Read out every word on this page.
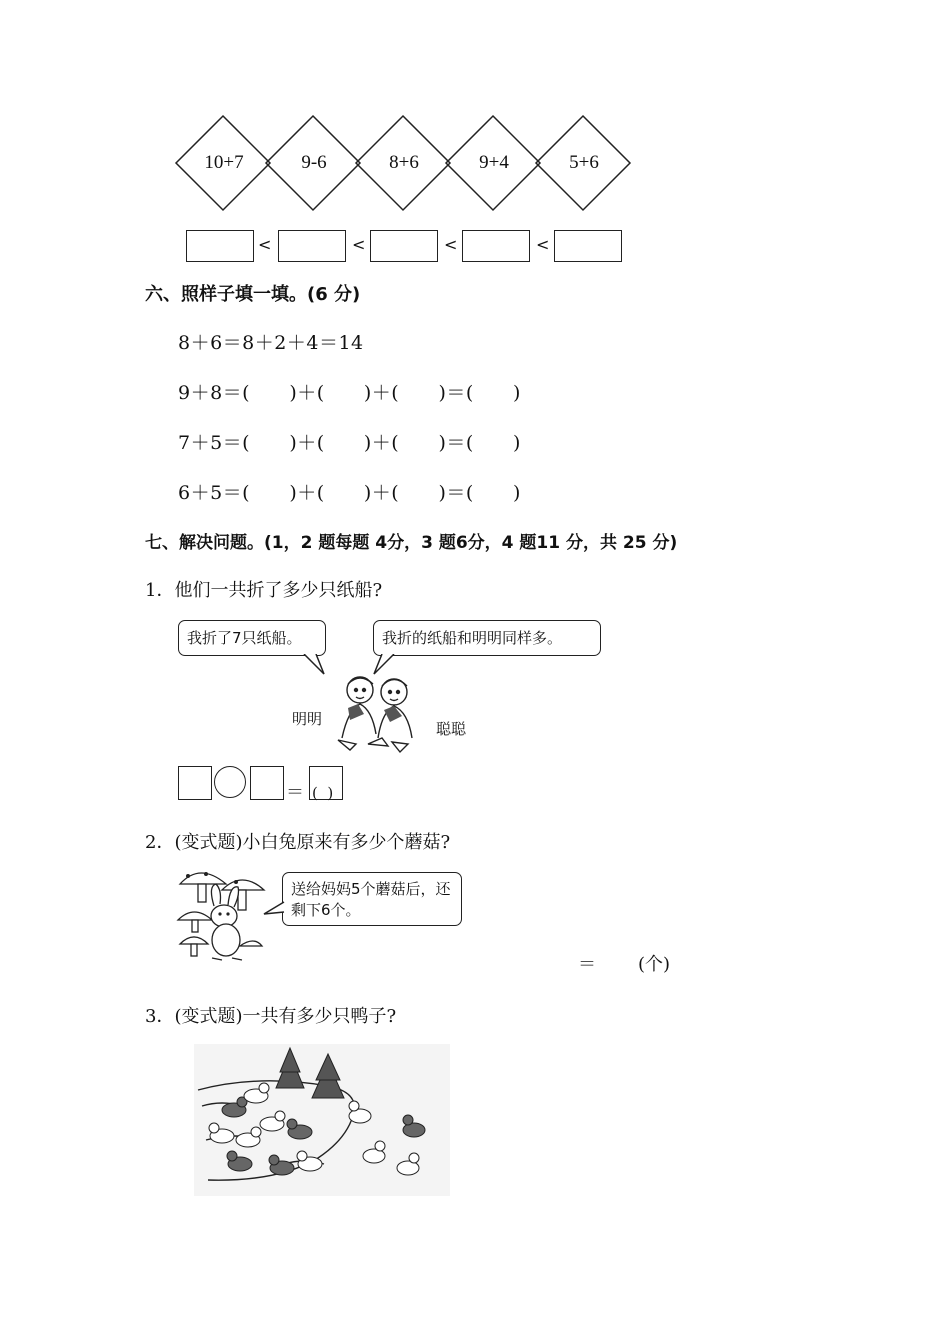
10+7	9-6	8+6	9+4	5+6
<	<	<	<
六、照样子填一填。(6 分)
8＋6＝8＋2＋4＝14
9＋8＝(      )＋(      )＋(      )＝(      )
7＋5＝(      )＋(      )＋(      )＝(      )
6＋5＝(      )＋(      )＋(      )＝(      )
七、解决问题。(1，2 题每题 4分，3 题6分，4 题11 分，共 25 分)
1．他们一共折了多少只纸船?
我折了7只纸船。	我折的纸船和明明同样多。
明明
聪聪
＝ (  )
2．(变式题)小白兔原来有多少个蘑菇?
送给妈妈5个蘑菇后，还剩下6个。
＝ (个)
3．(变式题)一共有多少只鸭子?
